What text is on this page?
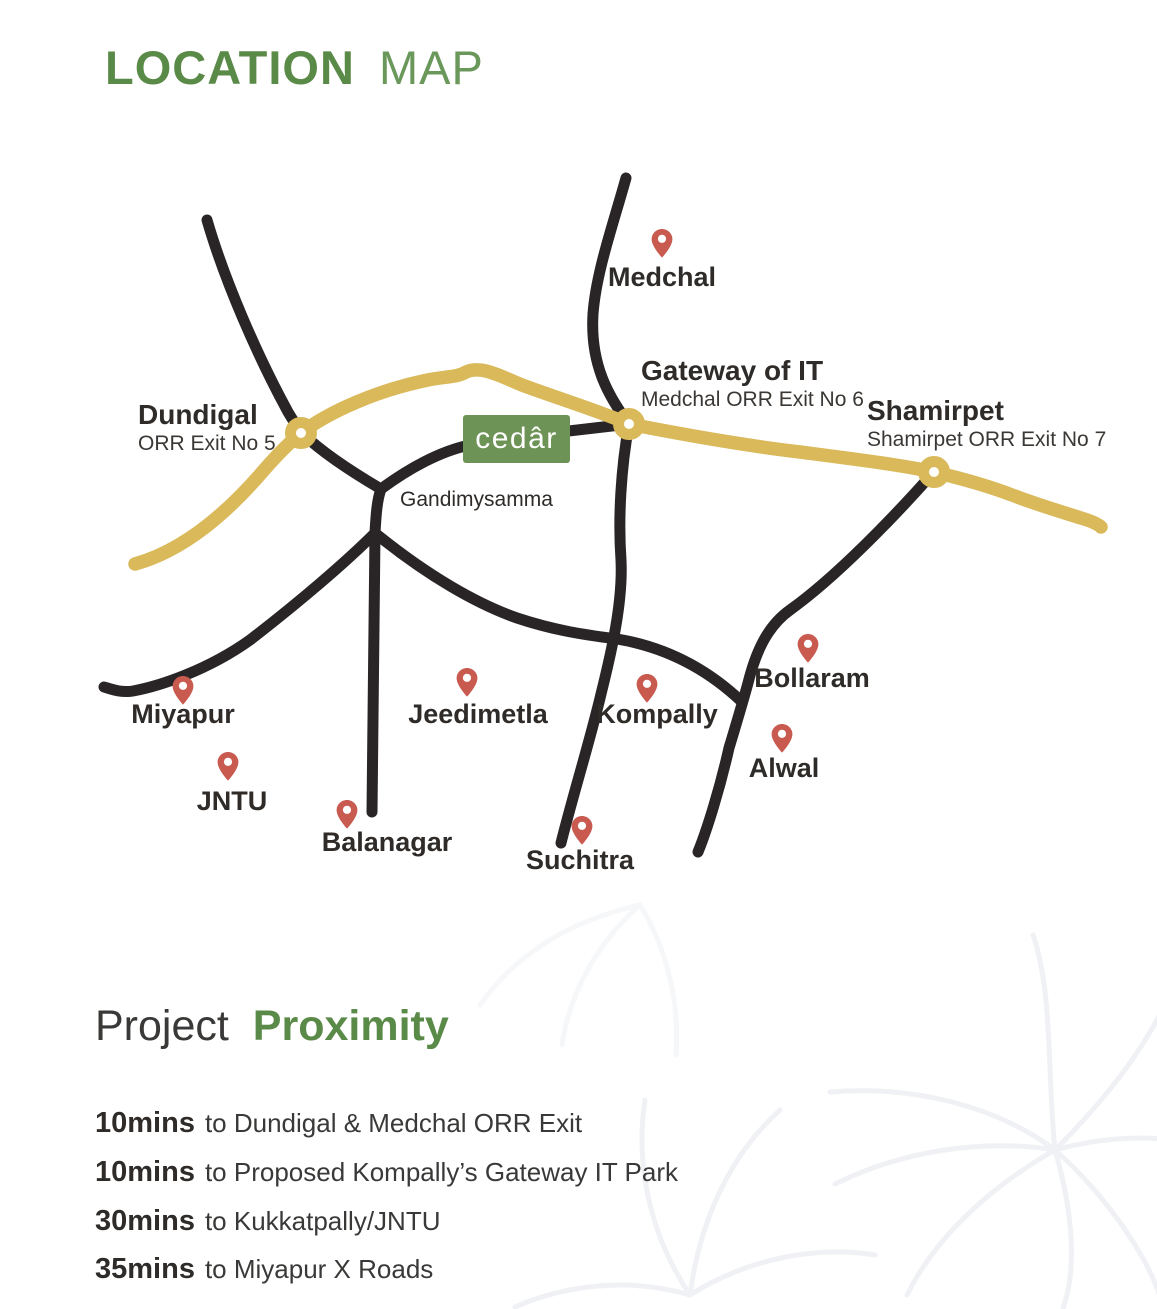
LOCATION MAP
cedâr
Dundigal
ORR Exit No 5
Gateway of IT
Medchal ORR Exit No 6 Shamirpet
Shamirpet ORR Exit No 7
Medchal
Gandimysamma
Miyapur
JNTU
Balanagar
Jeedimetla
Suchitra
Kompally
Bollaram
Alwal
Project Proximity
10mins to Dundigal & Medchal ORR Exit
10mins to Proposed Kompally’s Gateway IT Park
30mins to Kukkatpally/JNTU
35mins to Miyapur X Roads
